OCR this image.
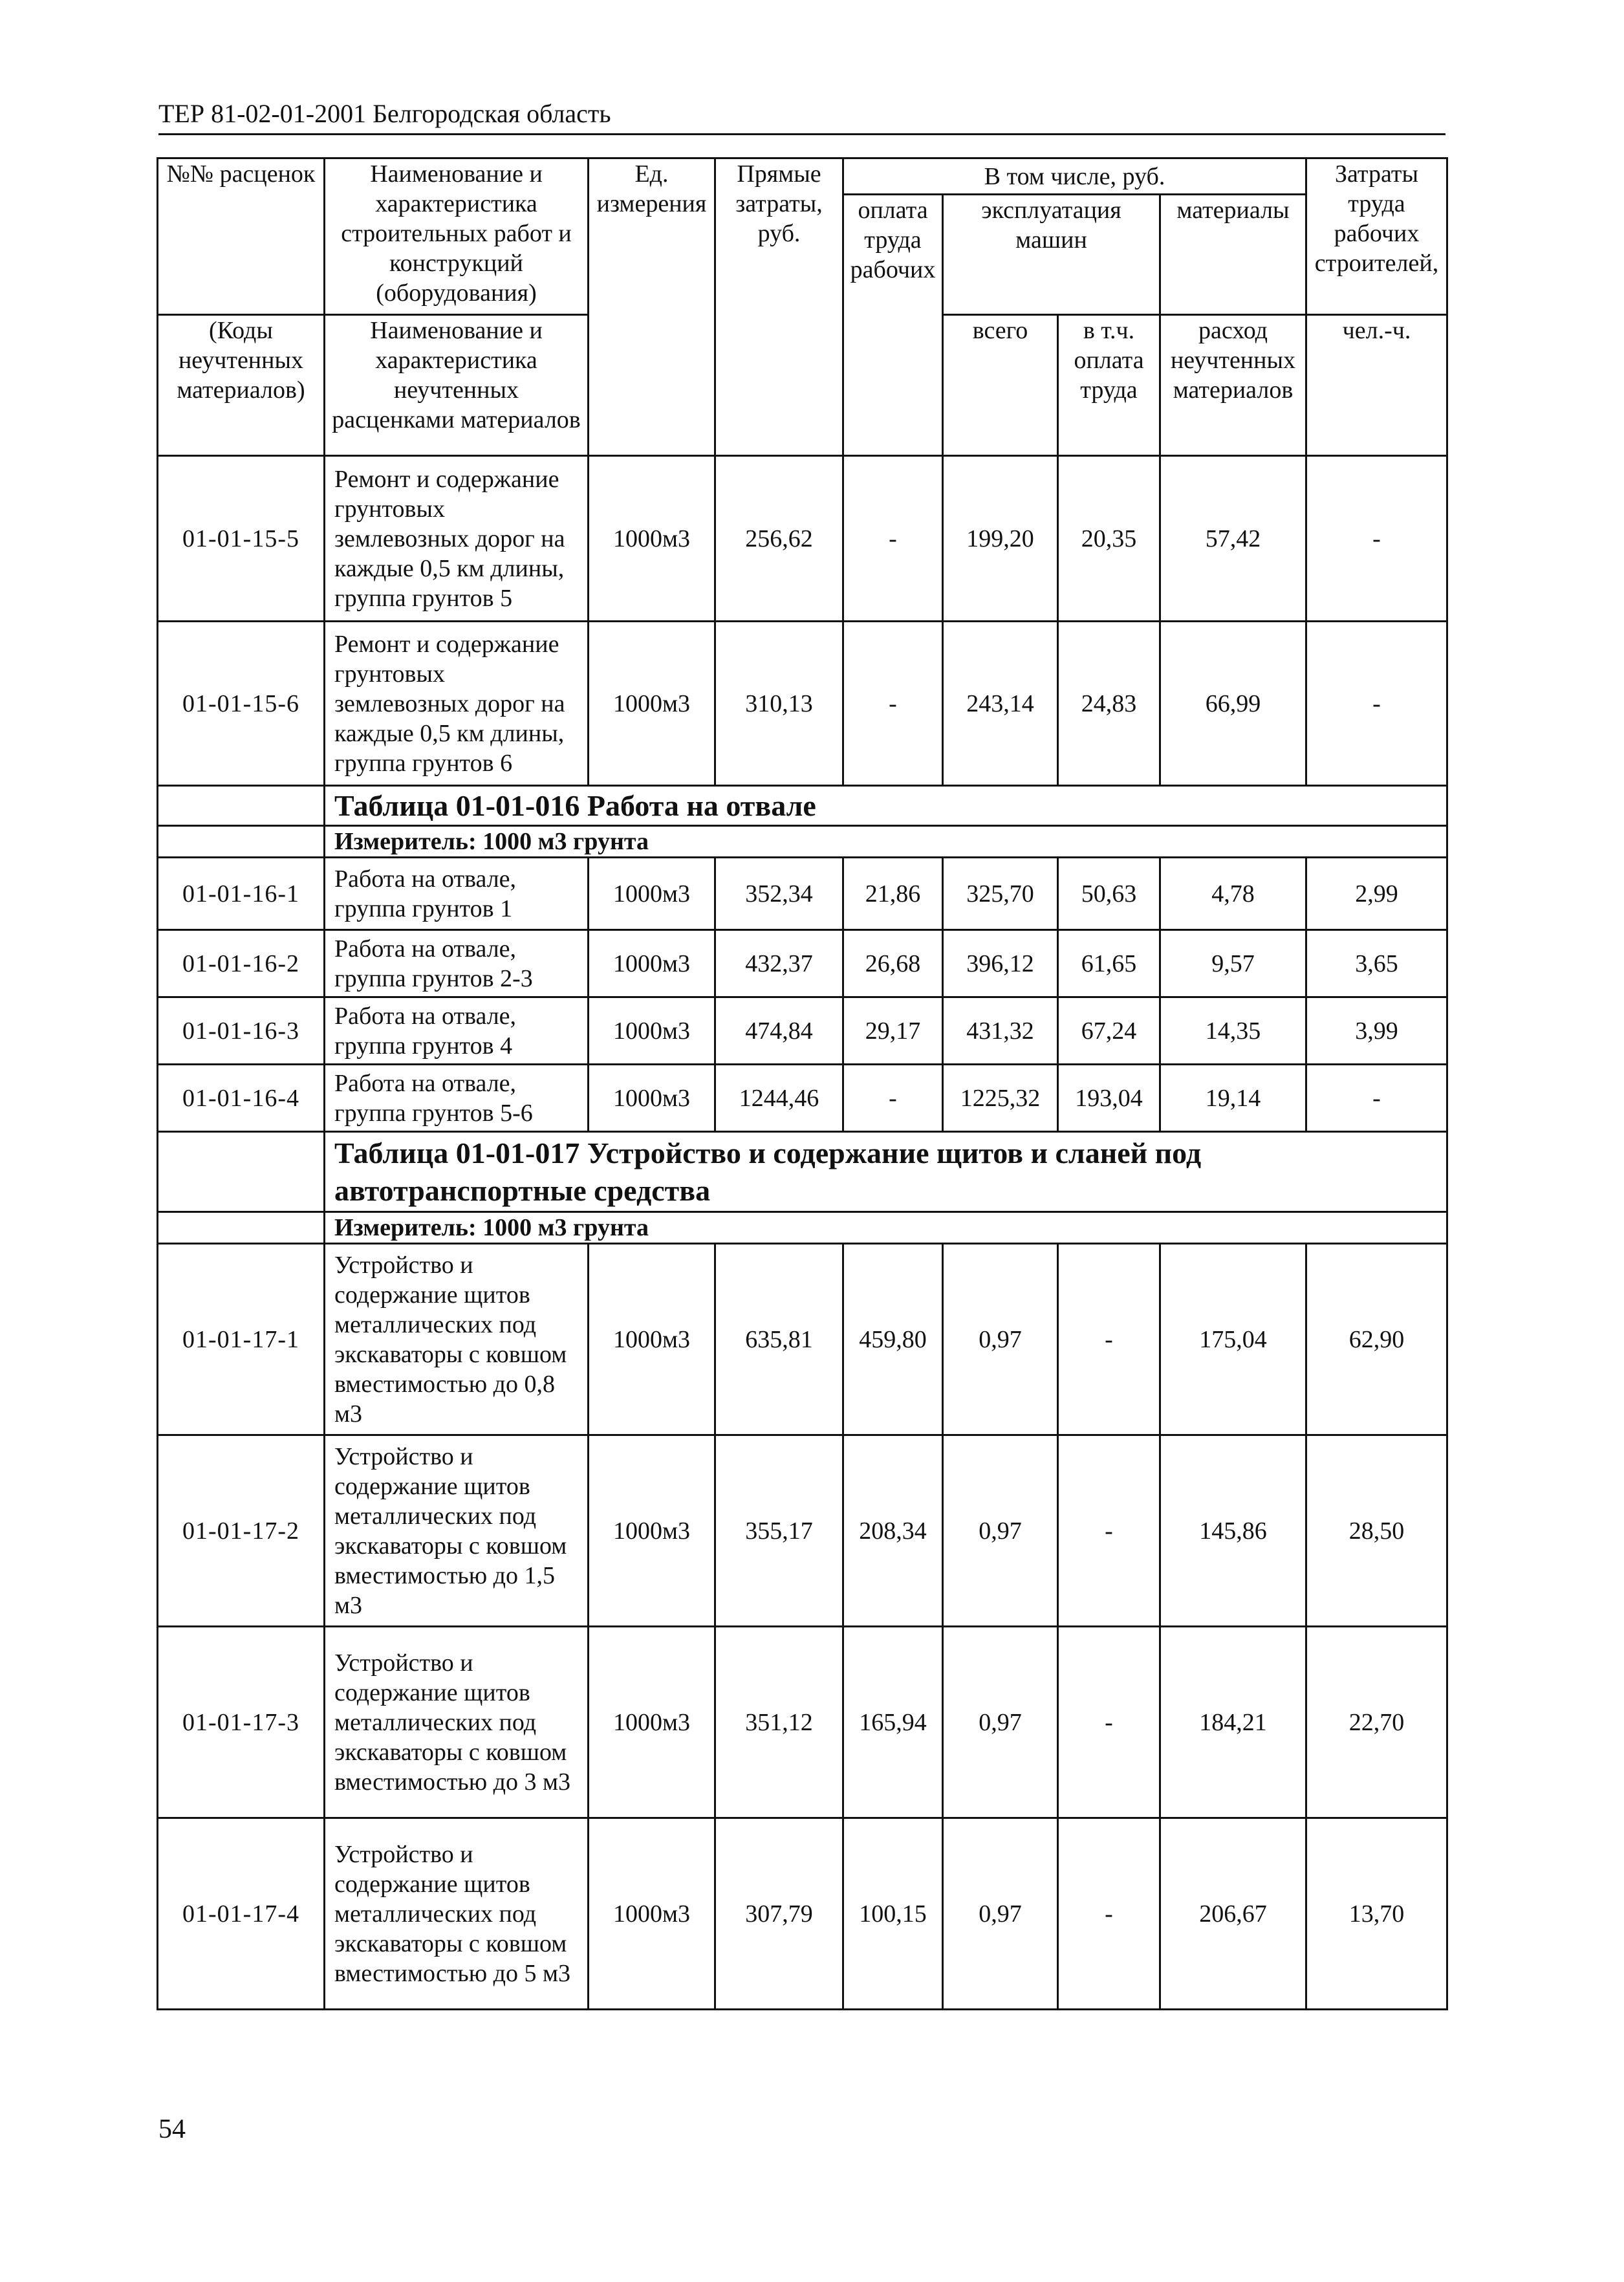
ТЕР 81-02-01-2001 Белгородская область
№№ расценок	Наименование и характеристика строительных работ и конструкций (оборудования)	Ед. измерения	Прямые затраты, руб.	В том числе, руб.				Затраты труда рабочих строителей,
				оплата труда рабочих	эксплуатация машин		материалы	
(Коды неучтенных материалов)	Наименование и характеристика неучтенных расценками материалов				всего	в т.ч. оплата труда	расход неучтенных материалов	чел.-ч.
01-01-15-5	Ремонт и содержание грунтовых землевозных дорог на каждые 0,5 км длины, группа грунтов 5	1000м3	256,62	-	199,20	20,35	57,42	-
01-01-15-6	Ремонт и содержание грунтовых землевозных дорог на каждые 0,5 км длины, группа грунтов 6	1000м3	310,13	-	243,14	24,83	66,99	-
	Таблица 01-01-016 Работа на отвале							
	Измеритель: 1000 м3 грунта							
01-01-16-1	Работа на отвале, группа грунтов 1	1000м3	352,34	21,86	325,70	50,63	4,78	2,99
01-01-16-2	Работа на отвале, группа грунтов 2-3	1000м3	432,37	26,68	396,12	61,65	9,57	3,65
01-01-16-3	Работа на отвале, группа грунтов 4	1000м3	474,84	29,17	431,32	67,24	14,35	3,99
01-01-16-4	Работа на отвале, группа грунтов 5-6	1000м3	1244,46	-	1225,32	193,04	19,14	-
	Таблица 01-01-017 Устройство и содержание щитов и сланей под автотранспортные средства							
	Измеритель: 1000 м3 грунта							
01-01-17-1	Устройство и содержание щитов металлических под экскаваторы с ковшом вместимостью до 0,8 м3	1000м3	635,81	459,80	0,97	-	175,04	62,90
01-01-17-2	Устройство и содержание щитов металлических под экскаваторы с ковшом вместимостью до 1,5 м3	1000м3	355,17	208,34	0,97	-	145,86	28,50
01-01-17-3	Устройство и содержание щитов металлических под экскаваторы с ковшом вместимостью до 3 м3	1000м3	351,12	165,94	0,97	-	184,21	22,70
01-01-17-4	Устройство и содержание щитов металлических под экскаваторы с ковшом вместимостью до 5 м3	1000м3	307,79	100,15	0,97	-	206,67	13,70
54
